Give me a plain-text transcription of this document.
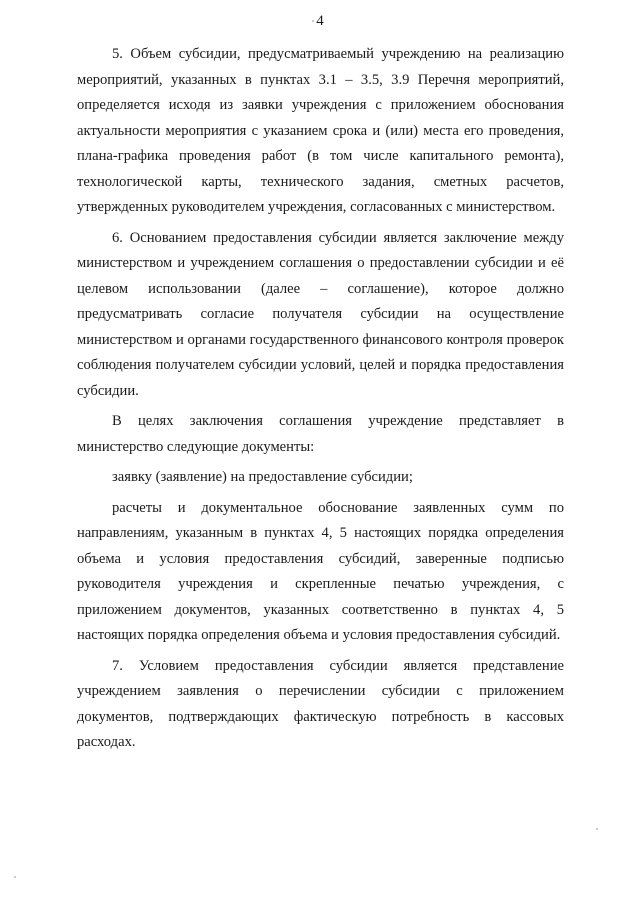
4

5. Объем субсидии, предусматриваемый учреждению на реализацию мероприятий, указанных в пунктах 3.1 – 3.5, 3.9 Перечня мероприятий, определяется исходя из заявки учреждения с приложением обоснования актуальности мероприятия с указанием срока и (или) места его проведения, плана-графика проведения работ (в том числе капитального ремонта), технологической карты, технического задания, сметных расчетов, утвержденных руководителем учреждения, согласованных с министерством.

6. Основанием предоставления субсидии является заключение между министерством и учреждением соглашения о предоставлении субсидии и её целевом использовании (далее – соглашение), которое должно предусматривать согласие получателя субсидии на осуществление министерством и органами государственного финансового контроля проверок соблюдения получателем субсидии условий, целей и порядка предоставления субсидии.

В целях заключения соглашения учреждение представляет в министерство следующие документы:

заявку (заявление) на предоставление субсидии;

расчеты и документальное обоснование заявленных сумм по направлениям, указанным в пунктах 4, 5 настоящих порядка определения объема и условия предоставления субсидий, заверенные подписью руководителя учреждения и скрепленные печатью учреждения, с приложением документов, указанных соответственно в пунктах 4, 5 настоящих порядка определения объема и условия предоставления субсидий.

7. Условием предоставления субсидии является представление учреждением заявления о перечислении субсидии с приложением документов, подтверждающих фактическую потребность в кассовых расходах.
